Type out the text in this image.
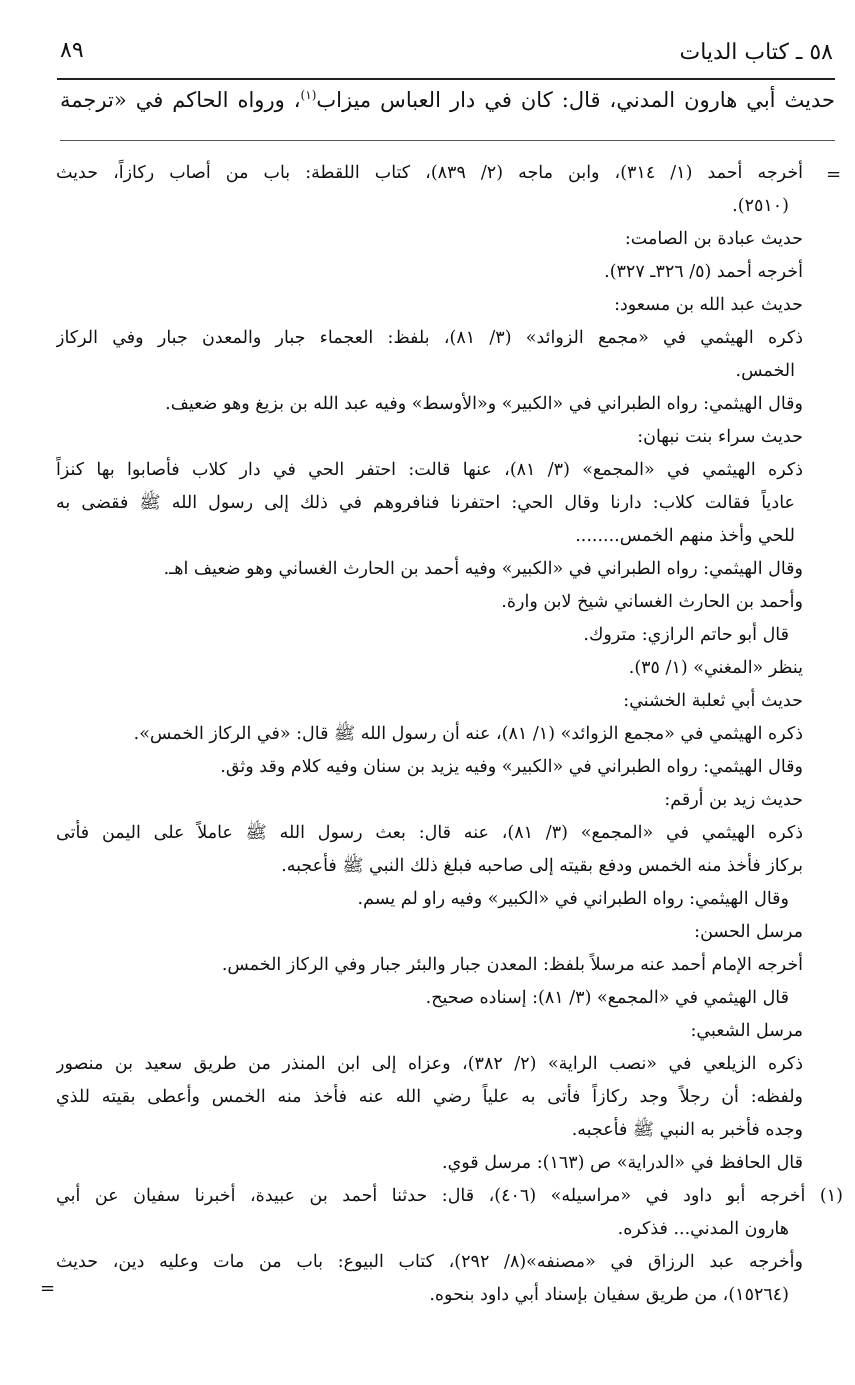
٥٨ ـ كتاب الديات
٨٩
حديث أبي هارون المدني، قال: كان في دار العباس ميزاب$^{(١)}$، ورواه الحاكم في «ترجمة
=
=
أخرجه أحمد (١/ ٣١٤)، وابن ماجه (٢/ ٨٣٩)، كتاب اللقطة: باب من أصاب ركازاً، حديث
(٢٥١٠).
حديث عبادة بن الصامت:
أخرجه أحمد (٥/ ٣٢٦ـ ٣٢٧).
حديث عبد الله بن مسعود:
ذكره الهيثمي في «مجمع الزوائد» (٣/ ٨١)، بلفظ: العجماء جبار والمعدن جبار وفي الركاز
الخمس.
وقال الهيثمي: رواه الطبراني في «الكبير» و«الأوسط» وفيه عبد الله بن بزيغ وهو ضعيف.
حديث سراء بنت نبهان:
ذكره الهيثمي في «المجمع» (٣/ ٨١)، عنها قالت: احتفر الحي في دار كلاب فأصابوا بها كنزاً
عادياً فقالت كلاب: دارنا وقال الحي: احتفرنا فنافروهم في ذلك إلى رسول الله ﷺ فقضى به
للحي وأخذ منهم الخمس........
وقال الهيثمي: رواه الطبراني في «الكبير» وفيه أحمد بن الحارث الغساني وهو ضعيف اهـ.
وأحمد بن الحارث الغساني شيخ لابن وارة.
قال أبو حاتم الرازي: متروك.
ينظر «المغني» (١/ ٣٥).
حديث أبي ثعلبة الخشني:
ذكره الهيثمي في «مجمع الزوائد» (١/ ٨١)، عنه أن رسول الله ﷺ قال: «في الركاز الخمس».
وقال الهيثمي: رواه الطبراني في «الكبير» وفيه يزيد بن سنان وفيه كلام وقد وثق.
حديث زيد بن أرقم:
ذكره الهيثمي في «المجمع» (٣/ ٨١)، عنه قال: بعث رسول الله ﷺ عاملاً على اليمن فأتى
بركاز فأخذ منه الخمس ودفع بقيته إلى صاحبه فبلغ ذلك النبي ﷺ فأعجبه.
وقال الهيثمي: رواه الطبراني في «الكبير» وفيه راو لم يسم.
مرسل الحسن:
أخرجه الإمام أحمد عنه مرسلاً بلفظ: المعدن جبار والبئر جبار وفي الركاز الخمس.
قال الهيثمي في «المجمع» (٣/ ٨١): إسناده صحيح.
مرسل الشعبي:
ذكره الزيلعي في «نصب الراية» (٢/ ٣٨٢)، وعزاه إلى ابن المنذر من طريق سعيد بن منصور
ولفظه: أن رجلاً وجد ركازاً فأتى به علياً رضي الله عنه فأخذ منه الخمس وأعطى بقيته للذي
وجده فأخبر به النبي ﷺ فأعجبه.
قال الحافظ في «الدراية» ص (١٦٣): مرسل قوي.
(١) أخرجه أبو داود في «مراسيله» (٤٠٦)، قال: حدثنا أحمد بن عبيدة، أخبرنا سفيان عن أبي
هارون المدني... فذكره.
وأخرجه عبد الرزاق في «مصنفه»(٨/ ٢٩٢)، كتاب البيوع: باب من مات وعليه دين، حديث
(١٥٢٦٤)، من طريق سفيان بإسناد أبي داود بنحوه.
